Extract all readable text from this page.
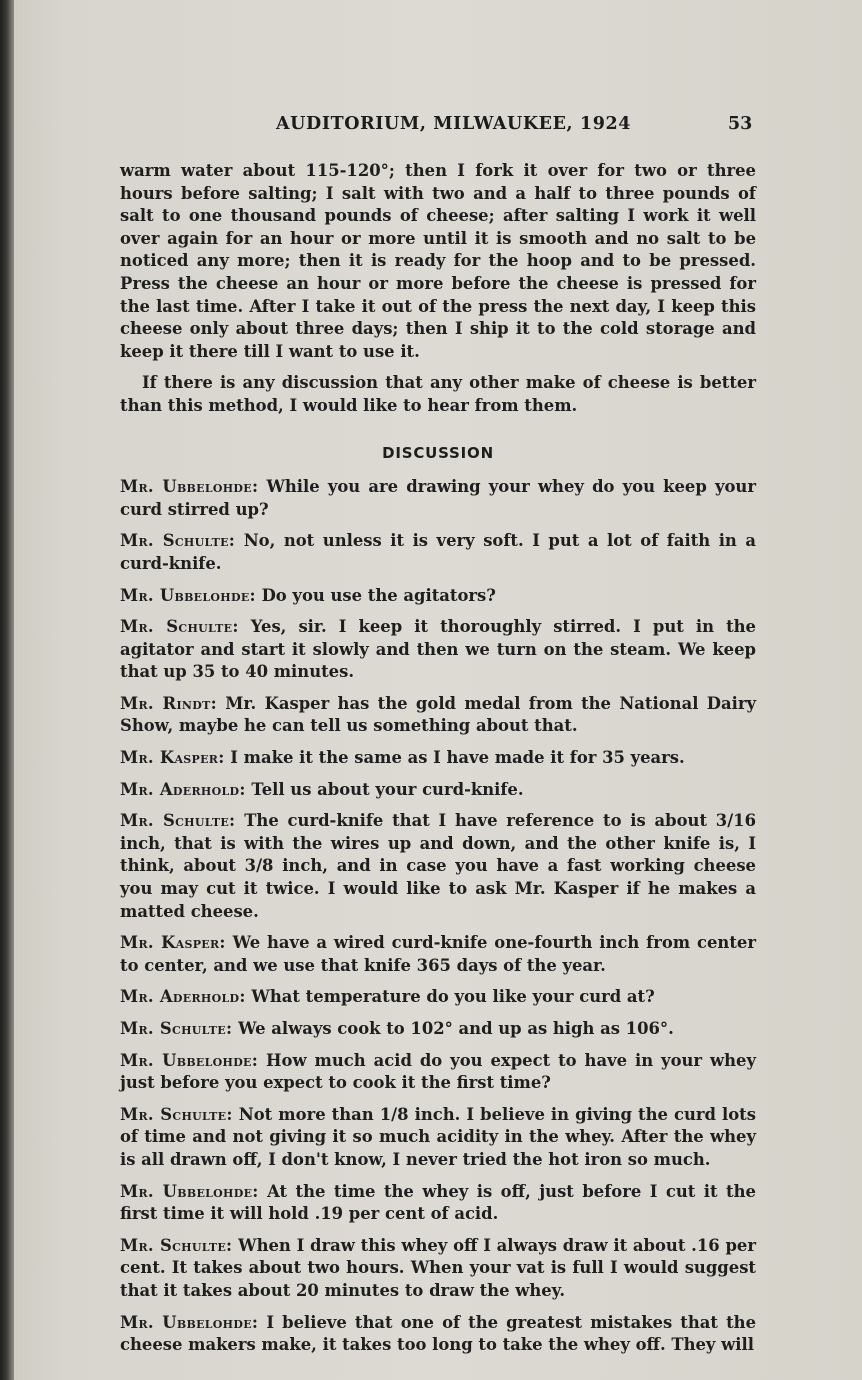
AUDITORIUM, MILWAUKEE, 1924	53

warm water about 115-120°; then I fork it over for two or three hours before salting; I salt with two and a half to three pounds of salt to one thousand pounds of cheese; after salting I work it well over again for an hour or more until it is smooth and no salt to be noticed any more; then it is ready for the hoop and to be pressed. Press the cheese an hour or more before the cheese is pressed for the last time. After I take it out of the press the next day, I keep this cheese only about three days; then I ship it to the cold storage and keep it there till I want to use it.

If there is any discussion that any other make of cheese is better than this method, I would like to hear from them.

DISCUSSION

Mr. Ubbelohde: While you are drawing your whey do you keep your curd stirred up?

Mr. Schulte: No, not unless it is very soft. I put a lot of faith in a curd-knife.

Mr. Ubbelohde: Do you use the agitators?

Mr. Schulte: Yes, sir. I keep it thoroughly stirred. I put in the agitator and start it slowly and then we turn on the steam. We keep that up 35 to 40 minutes.

Mr. Rindt: Mr. Kasper has the gold medal from the National Dairy Show, maybe he can tell us something about that.

Mr. Kasper: I make it the same as I have made it for 35 years.

Mr. Aderhold: Tell us about your curd-knife.

Mr. Schulte: The curd-knife that I have reference to is about 3/16 inch, that is with the wires up and down, and the other knife is, I think, about 3/8 inch, and in case you have a fast working cheese you may cut it twice. I would like to ask Mr. Kasper if he makes a matted cheese.

Mr. Kasper: We have a wired curd-knife one-fourth inch from center to center, and we use that knife 365 days of the year.

Mr. Aderhold: What temperature do you like your curd at?

Mr. Schulte: We always cook to 102° and up as high as 106°.

Mr. Ubbelohde: How much acid do you expect to have in your whey just before you expect to cook it the first time?

Mr. Schulte: Not more than 1/8 inch. I believe in giving the curd lots of time and not giving it so much acidity in the whey. After the whey is all drawn off, I don't know, I never tried the hot iron so much.

Mr. Ubbelohde: At the time the whey is off, just before I cut it the first time it will hold .19 per cent of acid.

Mr. Schulte: When I draw this whey off I always draw it about .16 per cent. It takes about two hours. When your vat is full I would suggest that it takes about 20 minutes to draw the whey.

Mr. Ubbelohde: I believe that one of the greatest mistakes that the cheese makers make, it takes too long to take the whey off. They will
